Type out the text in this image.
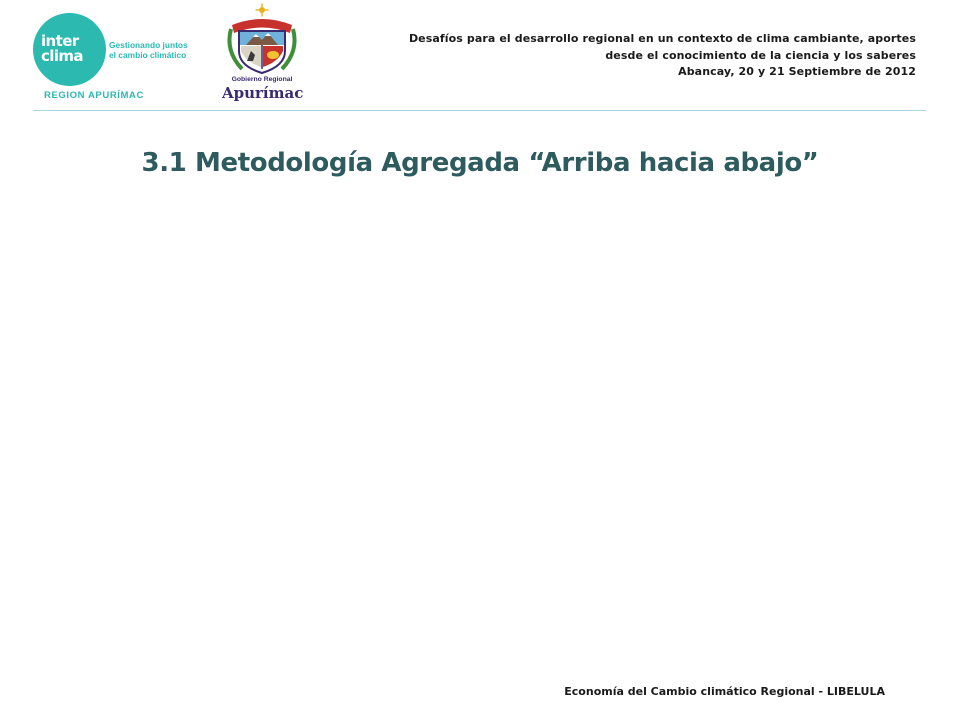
inter
clima
Gestionando juntos
el cambio climático
REGION APURÍMAC
Gobierno Regional
Apurímac
Desafíos para el desarrollo regional en un contexto de clima cambiante, aportes
desde el conocimiento de la ciencia y los saberes
Abancay, 20 y 21 Septiembre de 2012
3.1 Metodología Agregada “Arriba hacia abajo”
Economía del Cambio climático Regional - LIBELULA
